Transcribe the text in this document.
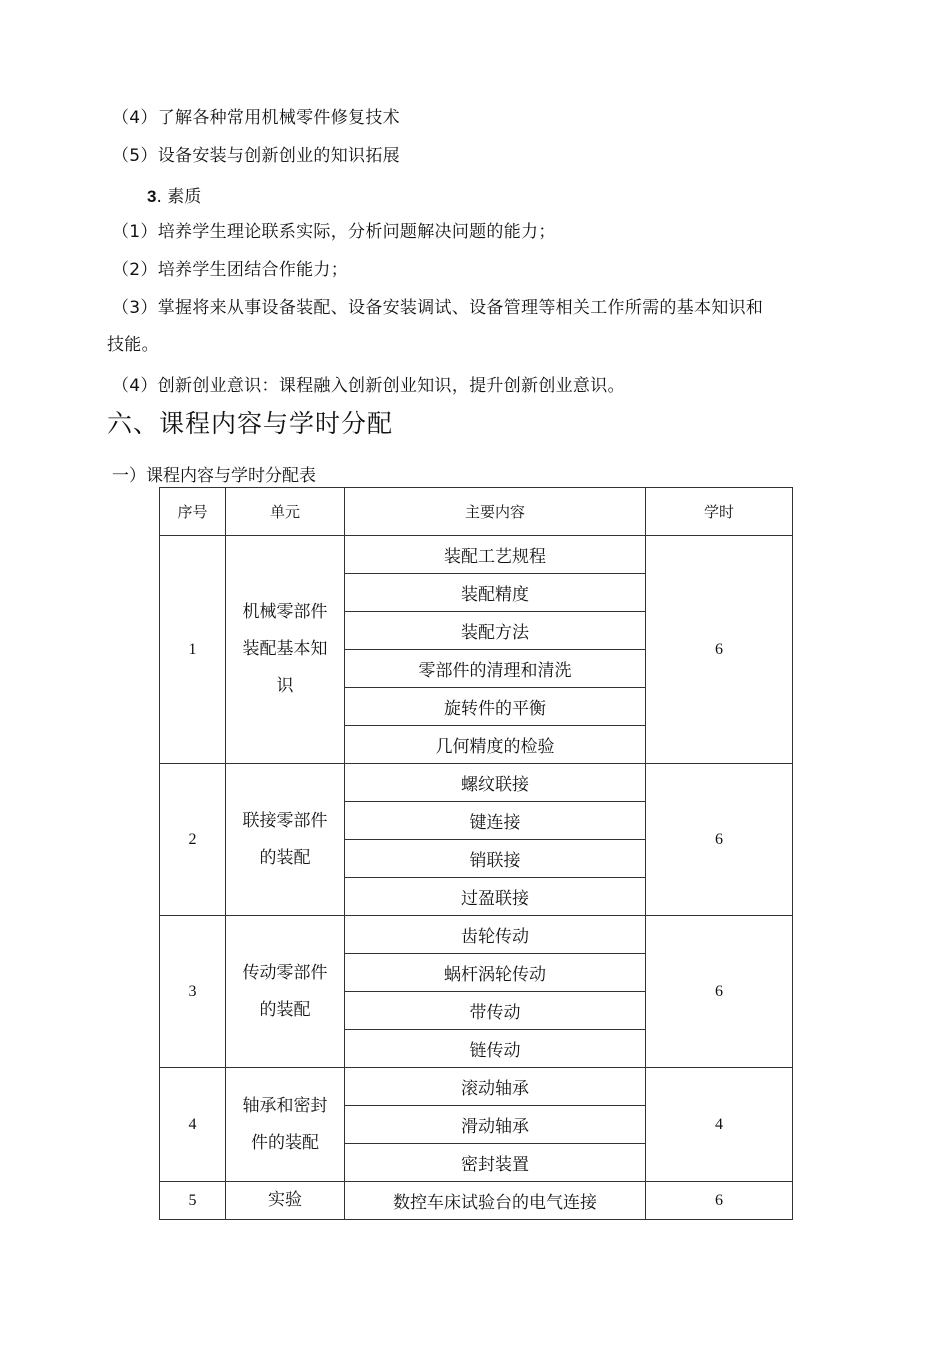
（4）了解各种常用机械零件修复技术
（5）设备安装与创新创业的知识拓展
3. 素质
（1）培养学生理论联系实际，分析问题解决问题的能力；
（2）培养学生团结合作能力；
（3）掌握将来从事设备装配、设备安装调试、设备管理等相关工作所需的基本知识和
技能。
（4）创新创业意识：课程融入创新创业知识，提升创新创业意识。
六、课程内容与学时分配
一）课程内容与学时分配表
序号	单元	主要内容	学时
1	机械零部件装配基本知识	装配工艺规程	6
		装配精度	
		装配方法	
		零部件的清理和清洗	
		旋转件的平衡	
		几何精度的检验	
2	联接零部件的装配	螺纹联接	6
		键连接	
		销联接	
		过盈联接	
3	传动零部件的装配	齿轮传动	6
		蜗杆涡轮传动	
		带传动	
		链传动	
4	轴承和密封件的装配	滚动轴承	4
		滑动轴承	
		密封装置	
5	实验	数控车床试验台的电气连接	6
